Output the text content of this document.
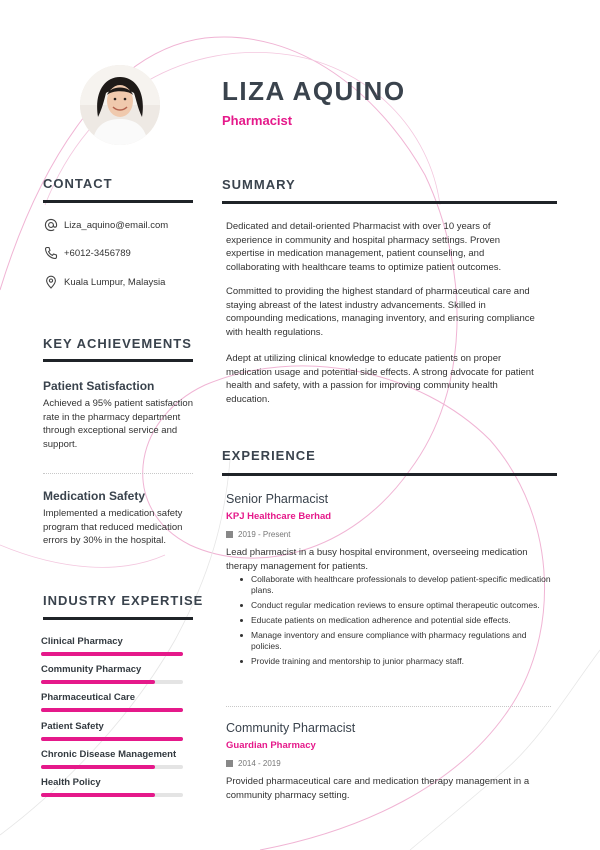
LIZA AQUINO
Pharmacist
CONTACT
Liza_aquino@email.com
+6012-3456789
Kuala Lumpur, Malaysia
KEY ACHIEVEMENTS
Patient Satisfaction
Achieved a 95% patient satisfaction rate in the pharmacy department through exceptional service and support.
Medication Safety
Implemented a medication safety program that reduced medication errors by 30% in the hospital.
INDUSTRY EXPERTISE
Clinical Pharmacy
Community Pharmacy
Pharmaceutical Care
Patient Safety
Chronic Disease Management
Health Policy
SUMMARY

Dedicated and detail-oriented Pharmacist with over 10 years of experience in community and hospital pharmacy settings. Proven expertise in medication management, patient counseling, and collaborating with healthcare teams to optimize patient outcomes.

Committed to providing the highest standard of pharmaceutical care and staying abreast of the latest industry advancements. Skilled in compounding medications, managing inventory, and ensuring compliance with health regulations.

Adept at utilizing clinical knowledge to educate patients on proper medication usage and potential side effects. A strong advocate for patient health and safety, with a passion for improving community health education.

EXPERIENCE
Senior Pharmacist
KPJ Healthcare Berhad
2019 - Present

Lead pharmacist in a busy hospital environment, overseeing medication therapy management for patients.

Collaborate with healthcare professionals to develop patient-specific medication plans.
Conduct regular medication reviews to ensure optimal therapeutic outcomes.
Educate patients on medication adherence and potential side effects.
Manage inventory and ensure compliance with pharmacy regulations and policies.
Provide training and mentorship to junior pharmacy staff.
Community Pharmacist
Guardian Pharmacy
2014 - 2019

Provided pharmaceutical care and medication therapy management in a community pharmacy setting.
